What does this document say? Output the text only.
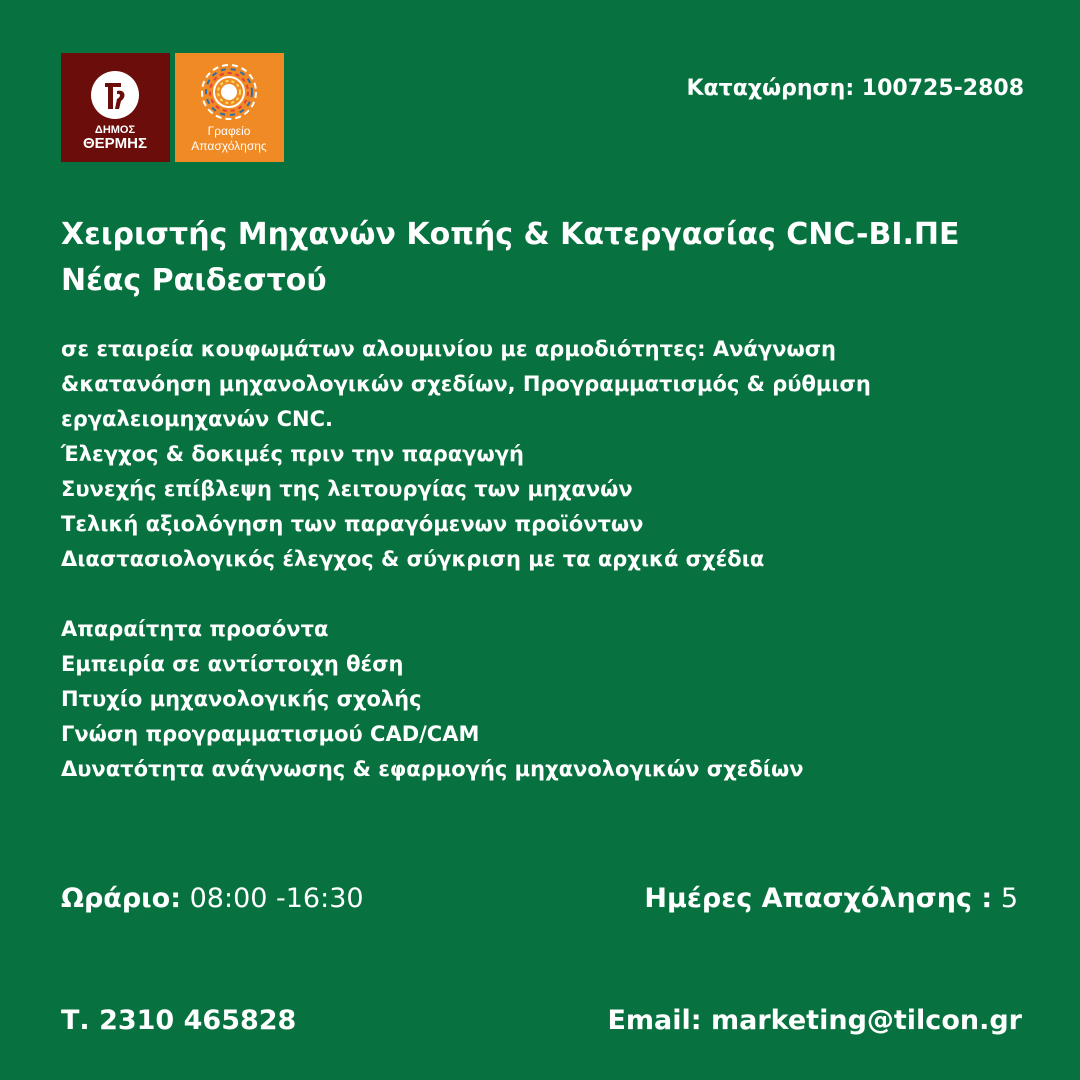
ΔΗΜΟΣ
ΘΕΡΜΗΣ
Γραφείο
Απασχόλησης
Καταχώρηση: 100725-2808
Χειριστής Μηχανών Κοπής & Κατεργασίας CNC-ΒΙ.ΠΕ
Νέας Ραιδεστού
σε εταιρεία κουφωμάτων αλουμινίου με αρμοδιότητες: Ανάγνωση
&κατανόηση μηχανολογικών σχεδίων, Προγραμματισμός & ρύθμιση
εργαλειομηχανών CNC.
Έλεγχος & δοκιμές πριν την παραγωγή
Συνεχής επίβλεψη της λειτουργίας των μηχανών
Τελική αξιολόγηση των παραγόμενων προϊόντων
Διαστασιολογικός έλεγχος & σύγκριση με τα αρχικά σχέδια
Απαραίτητα προσόντα
Εμπειρία σε αντίστοιχη θέση
Πτυχίο μηχανολογικής σχολής
Γνώση προγραμματισμού CAD/CAM
Δυνατότητα ανάγνωσης & εφαρμογής μηχανολογικών σχεδίων
Ωράριο: 08:00 -16:30	Ημέρες Απασχόλησης : 5
Τ. 2310 465828	Email: marketing@tilcon.gr
